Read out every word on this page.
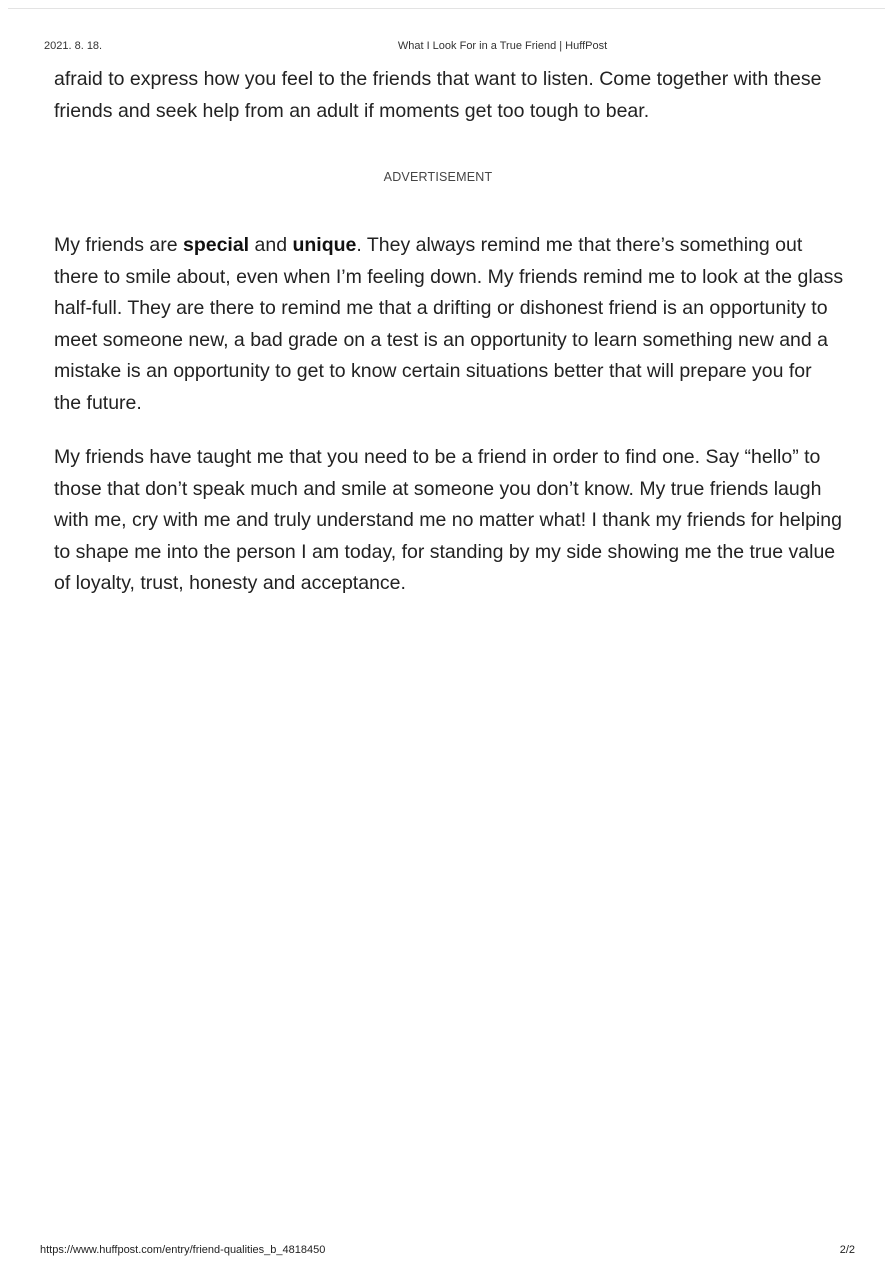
2021. 8. 18.	What I Look For in a True Friend | HuffPost

afraid to express how you feel to the friends that want to listen. Come together with these friends and seek help from an adult if moments get too tough to bear.

ADVERTISEMENT

My friends are special and unique. They always remind me that there’s something out there to smile about, even when I’m feeling down. My friends remind me to look at the glass half-full. They are there to remind me that a drifting or dishonest friend is an opportunity to meet someone new, a bad grade on a test is an opportunity to learn something new and a mistake is an opportunity to get to know certain situations better that will prepare you for the future.

My friends have taught me that you need to be a friend in order to find one. Say “hello” to those that don’t speak much and smile at someone you don’t know. My true friends laugh with me, cry with me and truly understand me no matter what! I thank my friends for helping to shape me into the person I am today, for standing by my side showing me the true value of loyalty, trust, honesty and acceptance.

https://www.huffpost.com/entry/friend-qualities_b_4818450	2/2
